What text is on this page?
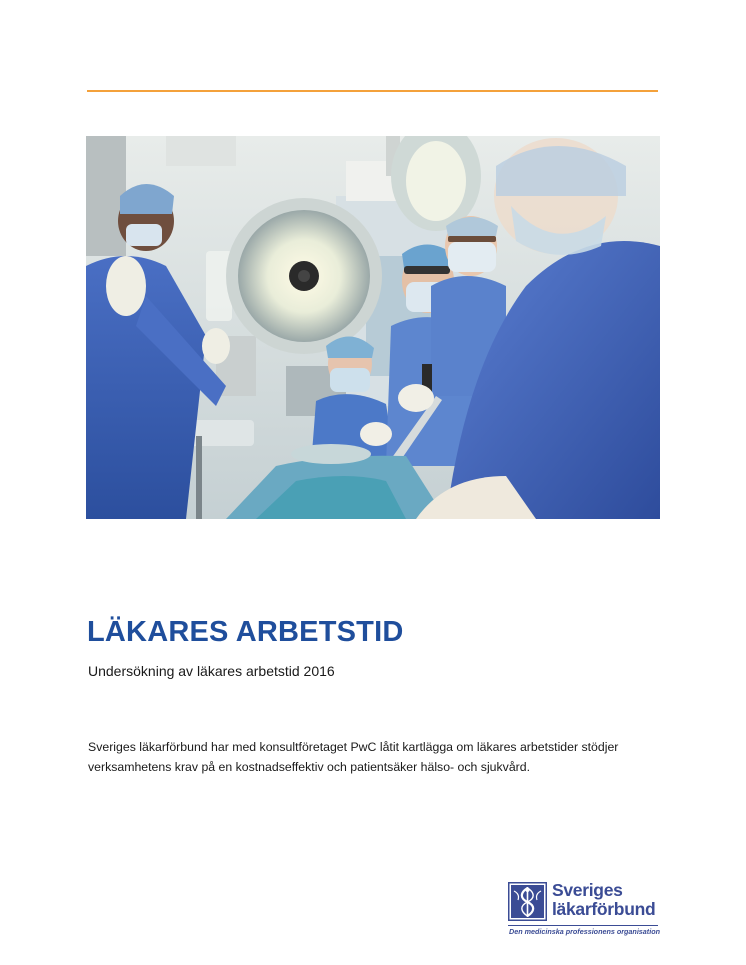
LÄKARES ARBETSTID

Undersökning av läkares arbetstid 2016

Sveriges läkarförbund har med konsultföretaget PwC låtit kartlägga om läkares arbetstider stödjer verksamhetens krav på en kostnadseffektiv och patientsäker hälso- och sjukvård.

Sveriges
läkarförbund
Den medicinska professionens organisation
